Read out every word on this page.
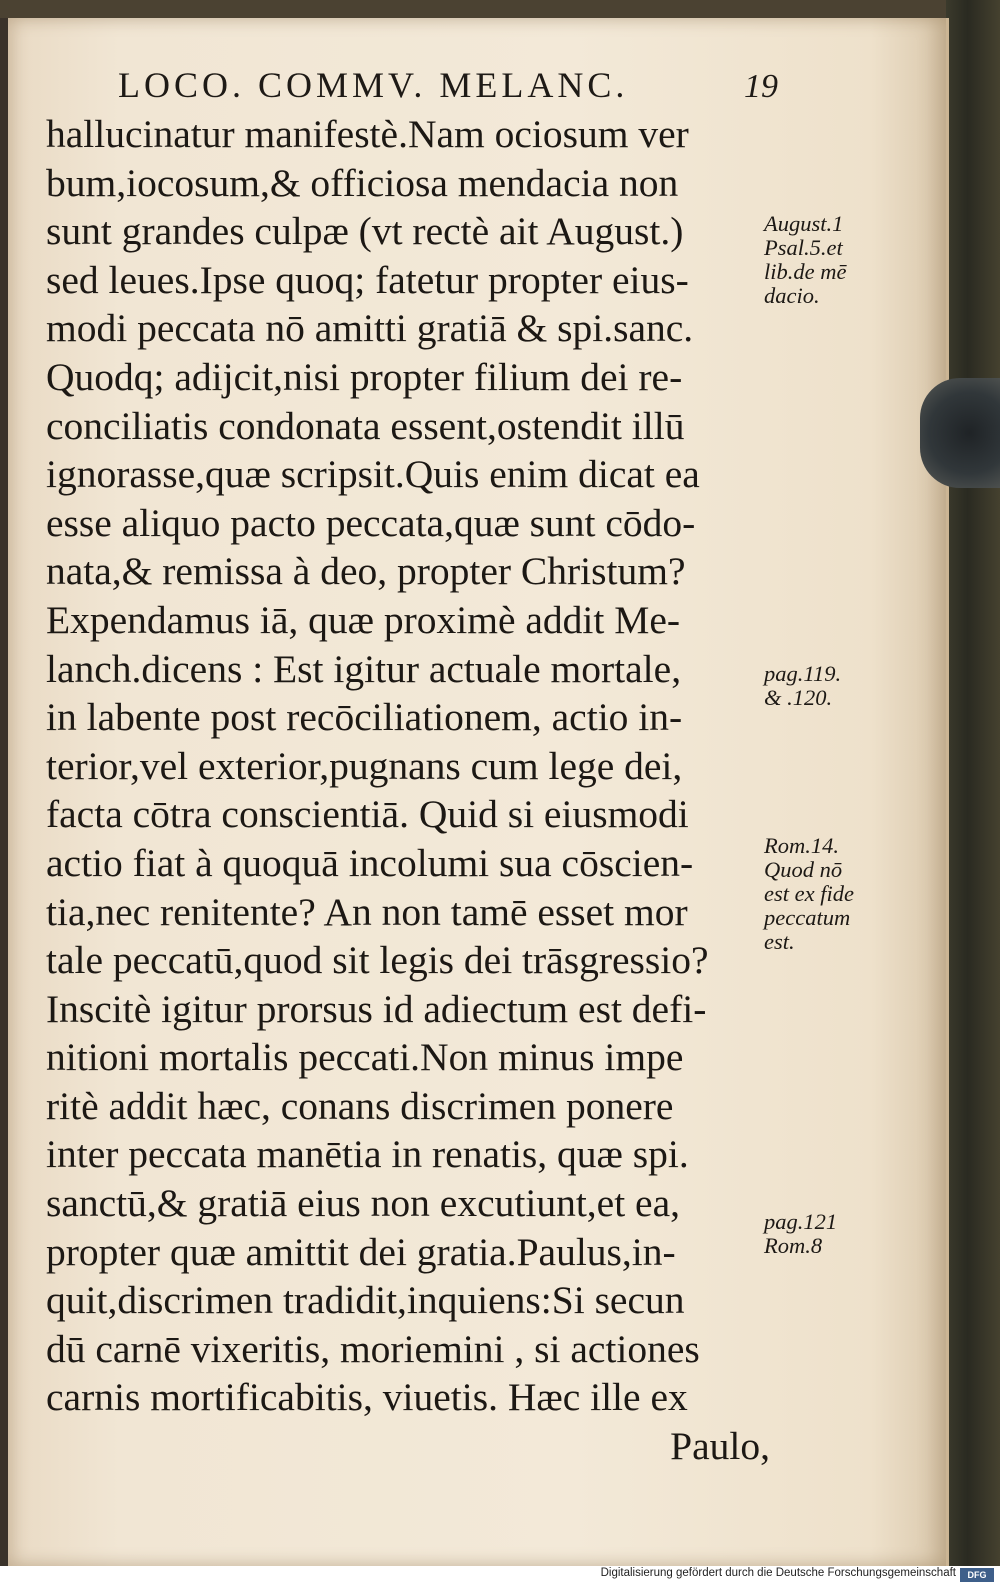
LOCO. COMMV. MELANC.	19
hallucinatur manifestè.Nam ociosum ver
bum,iocosum,& officiosa mendacia non
sunt grandes culpæ (vt rectè ait August.)
sed leues.Ipse quoq; fatetur propter eius-
modi peccata nō amitti gratiā & spi.sanc.
Quodq; adijcit,nisi propter filium dei re-
conciliatis condonata essent,ostendit illū
ignorasse,quæ scripsit.Quis enim dicat ea
esse aliquo pacto peccata,quæ sunt cōdo-
nata,& remissa à deo, propter Christum?
Expendamus iā, quæ proximè addit Me-
lanch.dicens : Est igitur actuale mortale,
in labente post recōciliationem, actio in-
terior,vel exterior,pugnans cum lege dei,
facta cōtra conscientiā. Quid si eiusmodi
actio fiat à quoquā incolumi sua cōscien-
tia,nec renitente? An non tamē esset mor
tale peccatū,quod sit legis dei trāsgressio?
Inscitè igitur prorsus id adiectum est defi-
nitioni mortalis peccati.Non minus impe
ritè addit hæc, conans discrimen ponere
inter peccata manētia in renatis, quæ spi.
sanctū,& gratiā eius non excutiunt,et ea,
propter quæ amittit dei gratia.Paulus,in-
quit,discrimen tradidit,inquiens:Si secun
dū carnē vixeritis, moriemini , si actiones
carnis mortificabitis, viuetis. Hæc ille ex
Paulo,
August.1
Psal.5.et
lib.de mē
dacio.
pag.119.
& .120.
Rom.14.
Quod nō
est ex fide
peccatum
est.
pag.121
Rom.8
Digitalisierung gefördert durch die Deutsche Forschungsgemeinschaft	DFG
